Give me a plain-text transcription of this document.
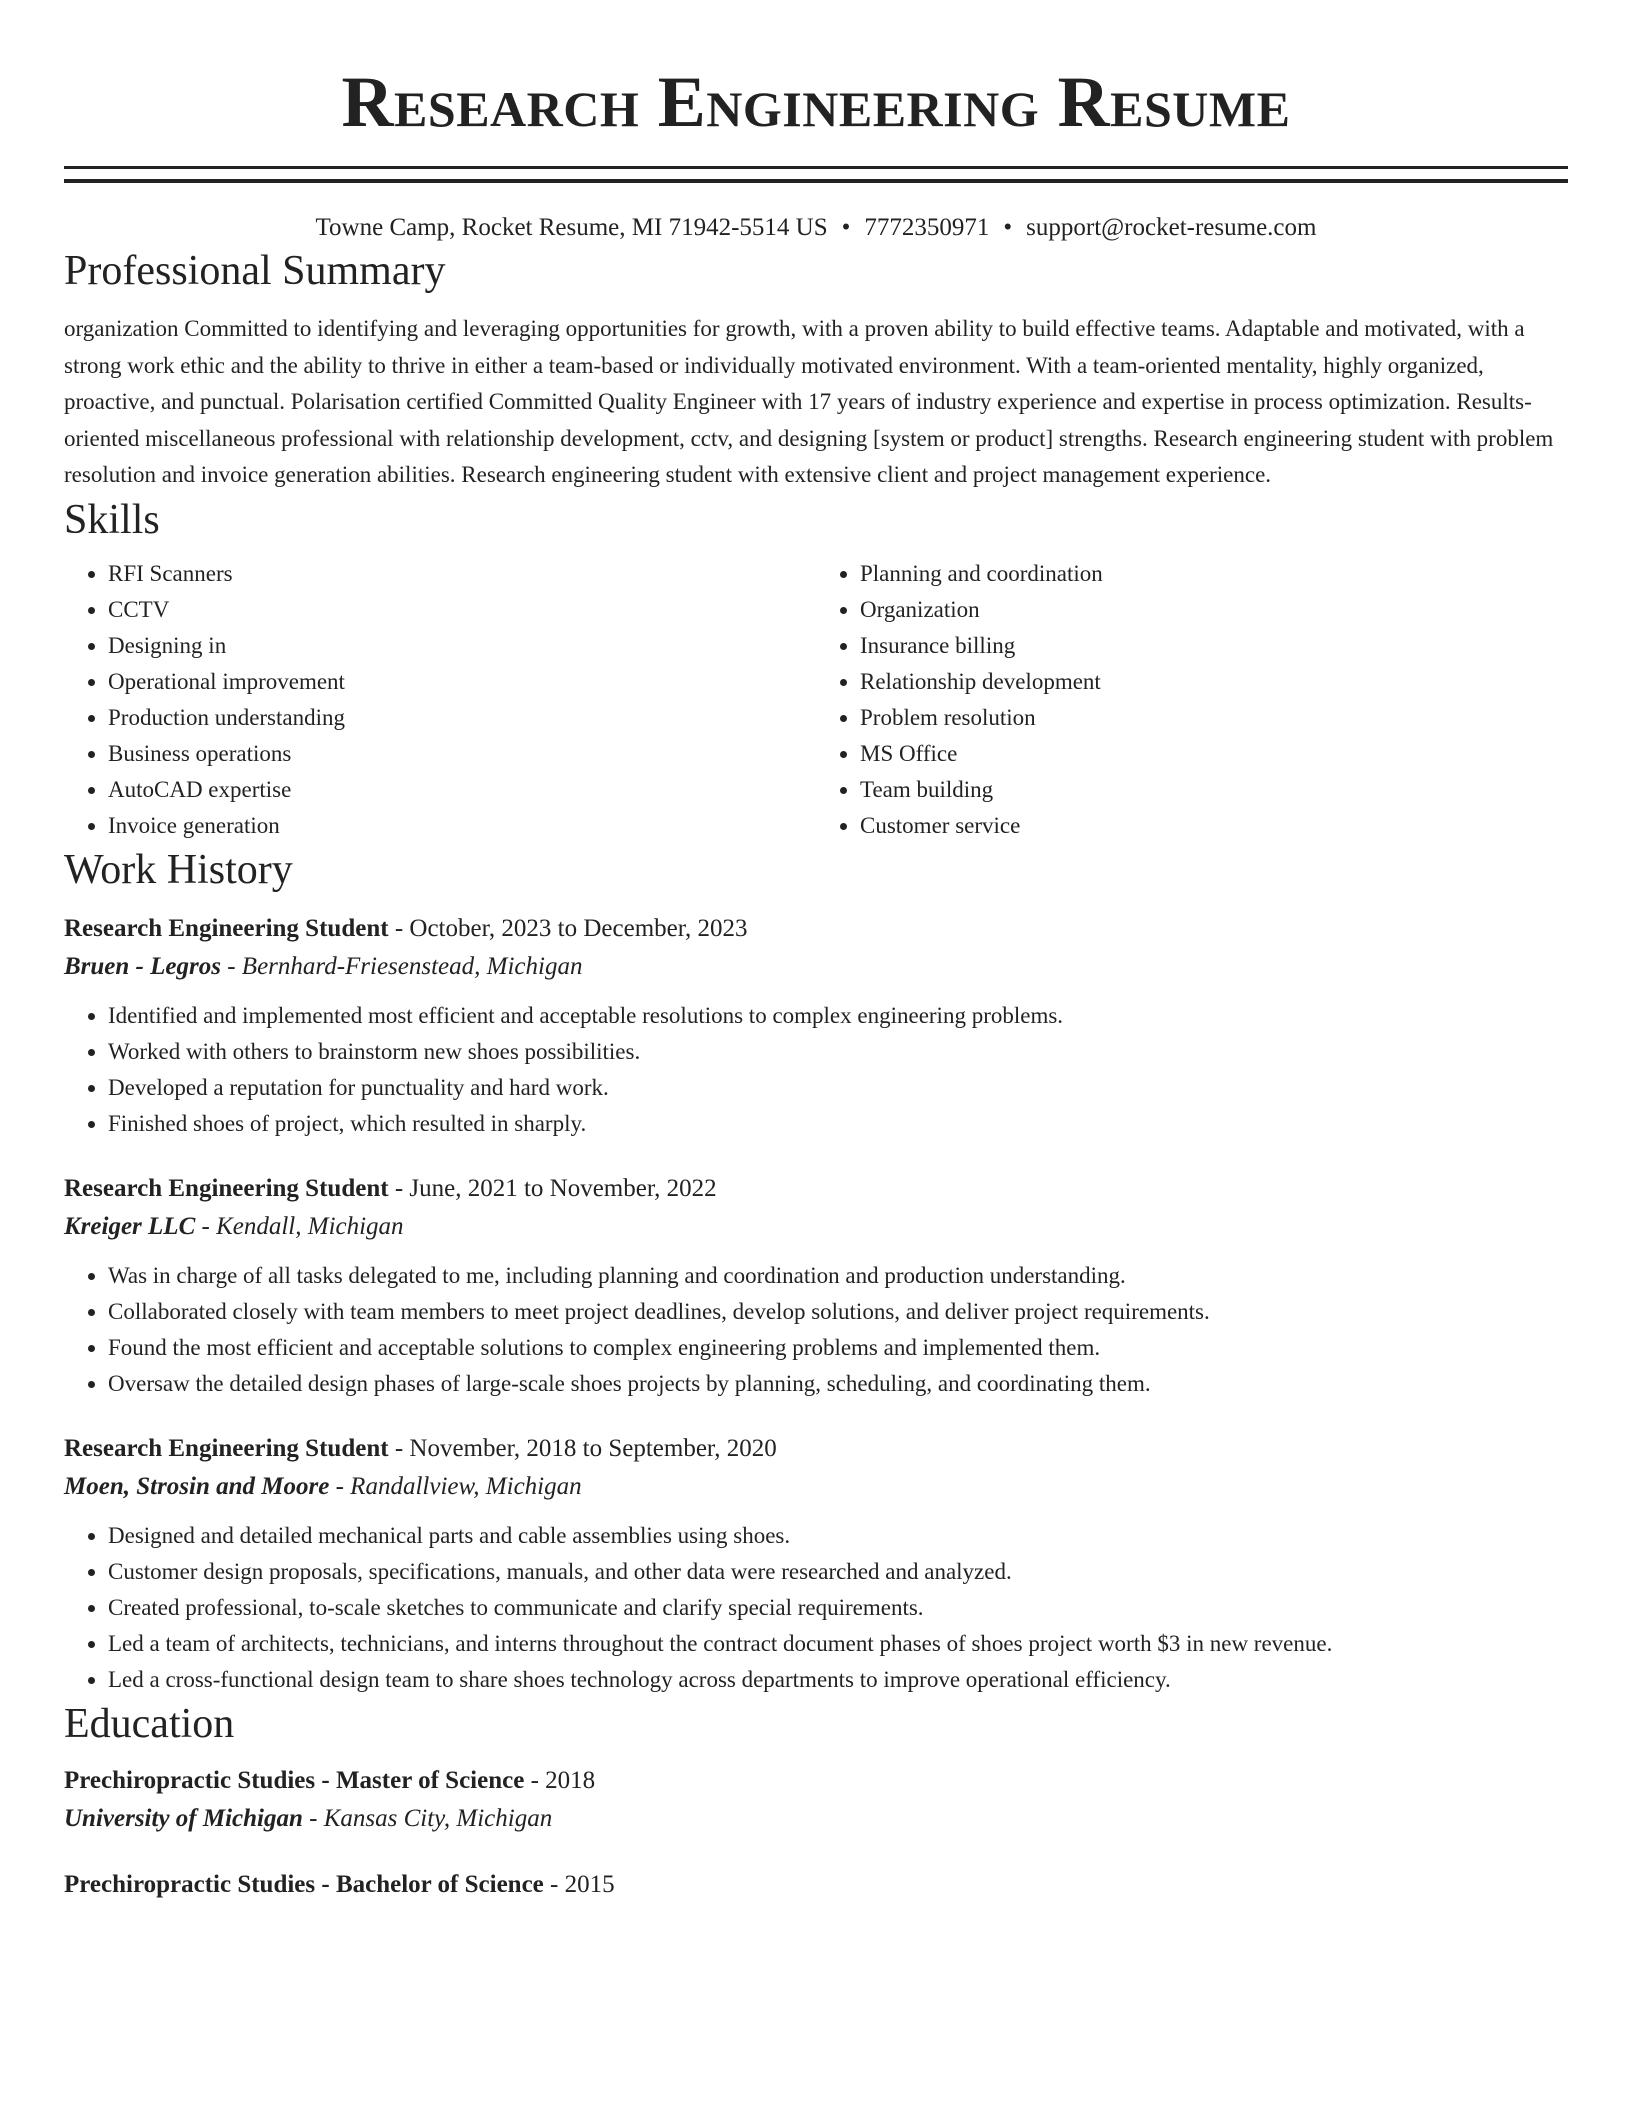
Research Engineering Resume
Towne Camp, Rocket Resume, MI 71942-5514 US • 7772350971 • support@rocket-resume.com
Professional Summary

organization Committed to identifying and leveraging opportunities for growth, with a proven ability to build effective teams. Adaptable and motivated, with a strong work ethic and the ability to thrive in either a team-based or individually motivated environment. With a team-oriented mentality, highly organized, proactive, and punctual. Polarisation certified Committed Quality Engineer with 17 years of industry experience and expertise in process optimization. Results-oriented miscellaneous professional with relationship development, cctv, and designing [system or product] strengths. Research engineering student with problem resolution and invoice generation abilities. Research engineering student with extensive client and project management experience.

Skills
• RFI Scanners
• CCTV
• Designing in
• Operational improvement
• Production understanding
• Business operations
• AutoCAD expertise
• Invoice generation
• Planning and coordination
• Organization
• Insurance billing
• Relationship development
• Problem resolution
• MS Office
• Team building
• Customer service
Work History
Research Engineering Student - October, 2023 to December, 2023
Bruen - Legros - Bernhard-Friesenstead, Michigan
• Identified and implemented most efficient and acceptable resolutions to complex engineering problems.
• Worked with others to brainstorm new shoes possibilities.
• Developed a reputation for punctuality and hard work.
• Finished shoes of project, which resulted in sharply.
Research Engineering Student - June, 2021 to November, 2022
Kreiger LLC - Kendall, Michigan
• Was in charge of all tasks delegated to me, including planning and coordination and production understanding.
• Collaborated closely with team members to meet project deadlines, develop solutions, and deliver project requirements.
• Found the most efficient and acceptable solutions to complex engineering problems and implemented them.
• Oversaw the detailed design phases of large-scale shoes projects by planning, scheduling, and coordinating them.
Research Engineering Student - November, 2018 to September, 2020
Moen, Strosin and Moore - Randallview, Michigan
• Designed and detailed mechanical parts and cable assemblies using shoes.
• Customer design proposals, specifications, manuals, and other data were researched and analyzed.
• Created professional, to-scale sketches to communicate and clarify special requirements.
• Led a team of architects, technicians, and interns throughout the contract document phases of shoes project worth $3 in new revenue.
• Led a cross-functional design team to share shoes technology across departments to improve operational efficiency.
Education
Prechiropractic Studies - Master of Science - 2018
University of Michigan - Kansas City, Michigan
Prechiropractic Studies - Bachelor of Science - 2015
